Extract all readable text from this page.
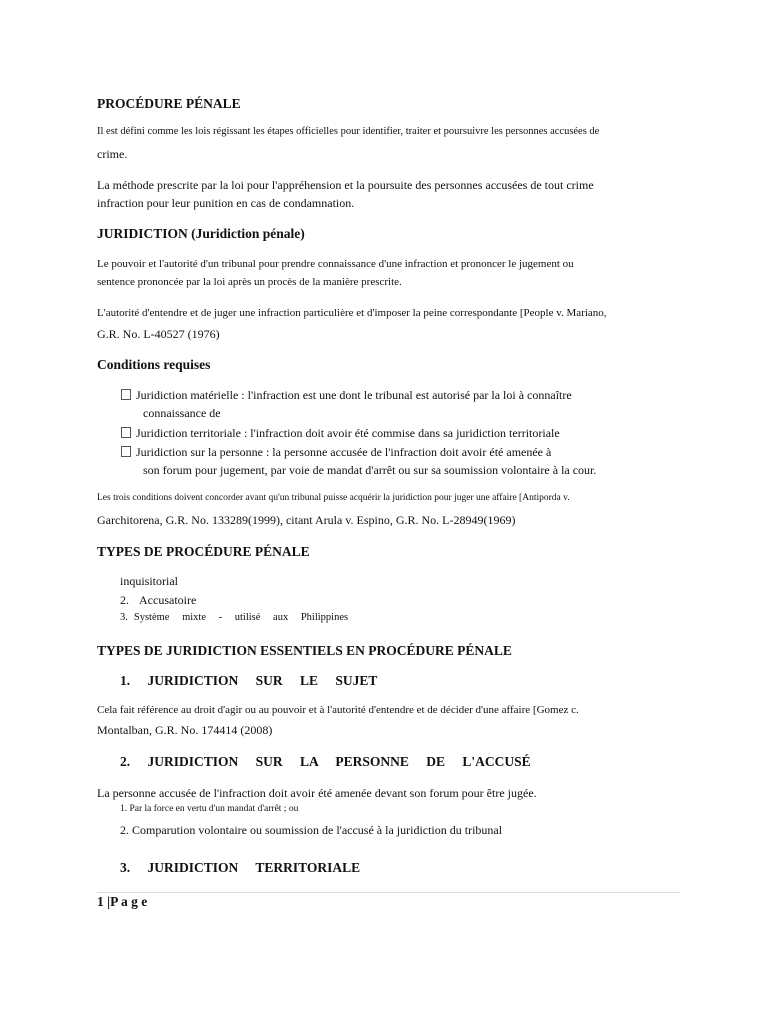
PROCÉDURE PÉNALE
Il est défini comme les lois régissant les étapes officielles pour identifier, traiter et poursuivre les personnes accusées de
crime.
La méthode prescrite par la loi pour l'appréhension et la poursuite des personnes accusées de tout crime
infraction pour leur punition en cas de condamnation.
JURIDICTION (Juridiction pénale)
Le pouvoir et l'autorité d'un tribunal pour prendre connaissance d'une infraction et prononcer le jugement ou
sentence prononcée par la loi après un procès de la manière prescrite.
L'autorité d'entendre et de juger une infraction particulière et d'imposer la peine correspondante [People v. Mariano,
G.R. No. L-40527 (1976)
Conditions requises
Juridiction matérielle : l'infraction est une dont le tribunal est autorisé par la loi à connaître
connaissance de
Juridiction territoriale : l'infraction doit avoir été commise dans sa juridiction territoriale
Juridiction sur la personne : la personne accusée de l'infraction doit avoir été amenée à
son forum pour jugement, par voie de mandat d'arrêt ou sur sa soumission volontaire à la cour.
Les trois conditions doivent concorder avant qu'un tribunal puisse acquérir la juridiction pour juger une affaire [Antiporda v.
Garchitorena, G.R. No. 133289(1999), citant Arula v. Espino, G.R. No. L-28949(1969)
TYPES DE PROCÉDURE PÉNALE
inquisitorial
2. Accusatoire
3. Système mixte - utilisé aux Philippines
TYPES DE JURIDICTION ESSENTIELS EN PROCÉDURE PÉNALE
1. JURIDICTION SUR LE SUJET
Cela fait référence au droit d'agir ou au pouvoir et à l'autorité d'entendre et de décider d'une affaire [Gomez c.
Montalban, G.R. No. 174414 (2008)
2. JURIDICTION SUR LA PERSONNE DE L'ACCUSÉ
La personne accusée de l'infraction doit avoir été amenée devant son forum pour être jugée.
1. Par la force en vertu d'un mandat d'arrêt ; ou
2. Comparution volontaire ou soumission de l'accusé à la juridiction du tribunal
3. JURIDICTION TERRITORIALE
1 |P a g e
